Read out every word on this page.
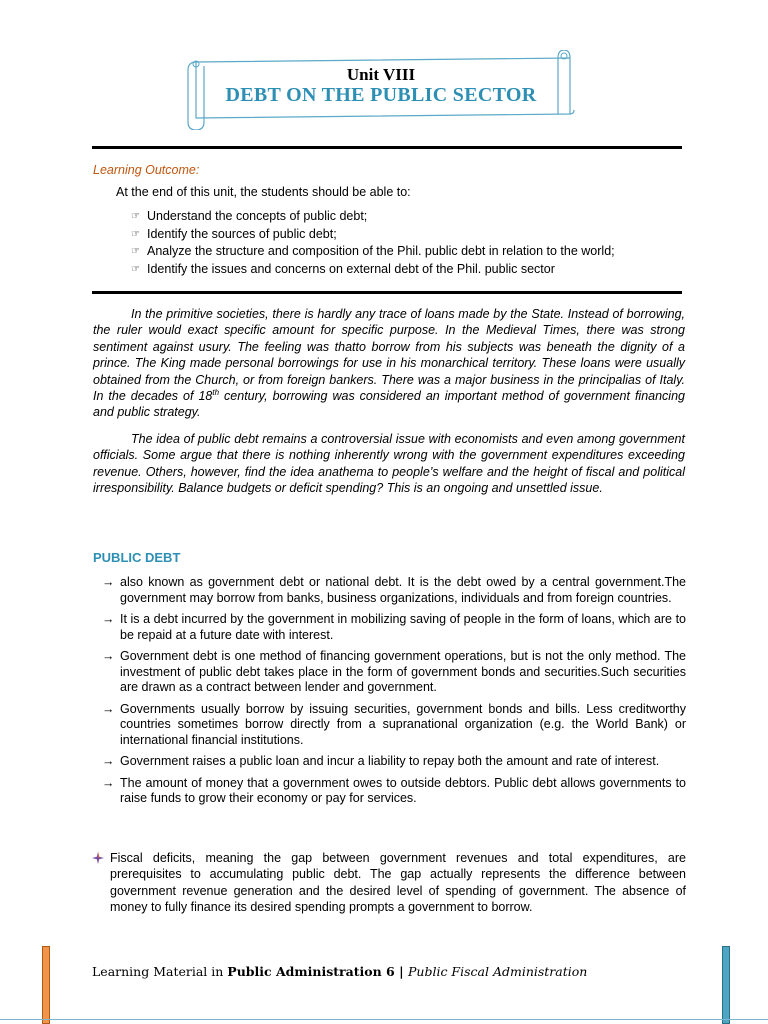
Unit VIII
DEBT ON THE PUBLIC SECTOR
Learning Outcome:
At the end of this unit, the students should be able to:
☞ Understand the concepts of public debt;
☞ Identify the sources of public debt;
☞ Analyze the structure and composition of the Phil. public debt in relation to the world;
☞ Identify the issues and concerns on external debt of the Phil. public sector

In the primitive societies, there is hardly any trace of loans made by the State. Instead of borrowing, the ruler would exact specific amount for specific purpose. In the Medieval Times, there was strong sentiment against usury. The feeling was thatto borrow from his subjects was beneath the dignity of a prince. The King made personal borrowings for use in his monarchical territory. These loans were usually obtained from the Church, or from foreign bankers. There was a major business in the principalias of Italy. In the decades of 18th century, borrowing was considered an important method of government financing and public strategy.

The idea of public debt remains a controversial issue with economists and even among government officials. Some argue that there is nothing inherently wrong with the government expenditures exceeding revenue. Others, however, find the idea anathema to people’s welfare and the height of fiscal and political irresponsibility. Balance budgets or deficit spending? This is an ongoing and unsettled issue.

PUBLIC DEBT
→ also known as government debt or national debt. It is the debt owed by a central government.The government may borrow from banks, business organizations, individuals and from foreign countries.
→ It is a debt incurred by the government in mobilizing saving of people in the form of loans, which are to be repaid at a future date with interest.
→ Government debt is one method of financing government operations, but is not the only method. The investment of public debt takes place in the form of government bonds and securities.Such securities are drawn as a contract between lender and government.
→ Governments usually borrow by issuing securities, government bonds and bills. Less creditworthy countries sometimes borrow directly from a supranational organization (e.g. the World Bank) or international financial institutions.
→ Government raises a public loan and incur a liability to repay both the amount and rate of interest.
→ The amount of money that a government owes to outside debtors. Public debt allows governments to raise funds to grow their economy or pay for services.
Fiscal deficits, meaning the gap between government revenues and total expenditures, are prerequisites to accumulating public debt. The gap actually represents the difference between government revenue generation and the desired level of spending of government. The absence of money to fully finance its desired spending prompts a government to borrow.
Learning Material in Public Administration 6 | Public Fiscal Administration
